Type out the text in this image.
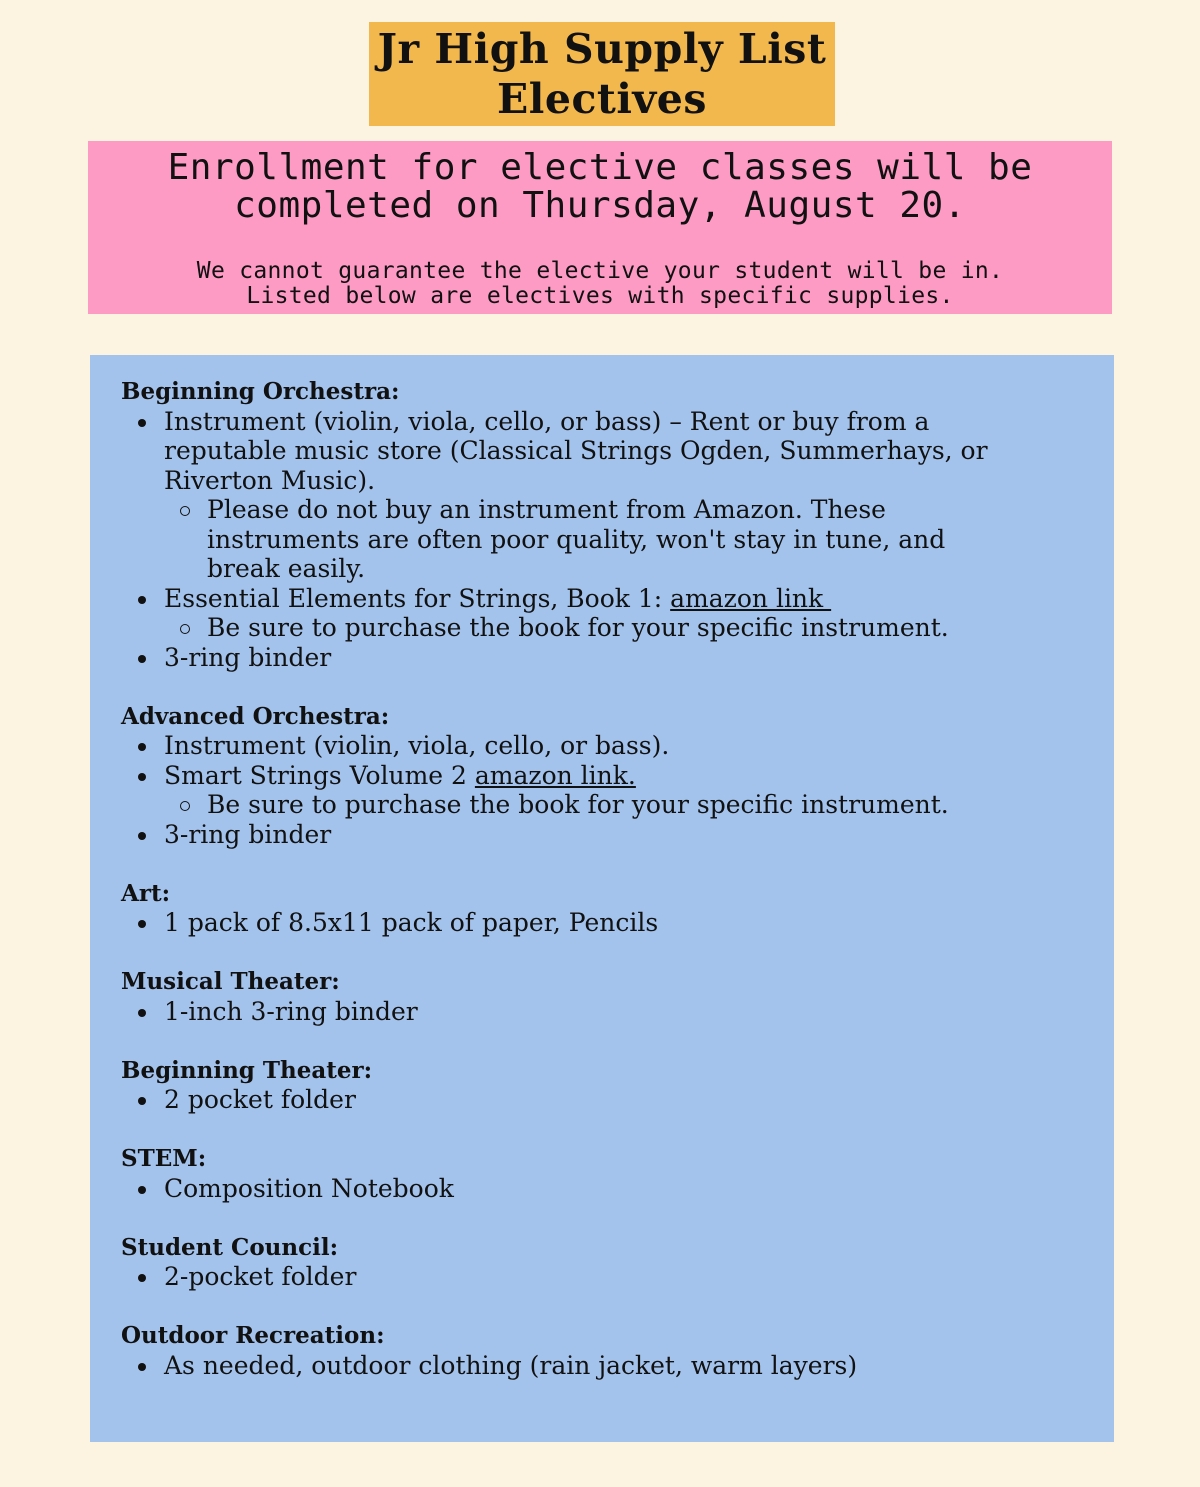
Jr High Supply List
Electives
Enrollment for elective classes will be
completed on Thursday, August 20.
We cannot guarantee the elective your student will be in.
Listed below are electives with specific supplies.
Beginning Orchestra:
Instrument (violin, viola, cello, or bass) – Rent or buy from a
reputable music store (Classical Strings Ogden, Summerhays, or
Riverton Music).
Please do not buy an instrument from Amazon. These
instruments are often poor quality, won't stay in tune, and
break easily.
Essential Elements for Strings, Book 1: amazon link
Be sure to purchase the book for your specific instrument.
3-ring binder
Advanced Orchestra:
Instrument (violin, viola, cello, or bass).
Smart Strings Volume 2 amazon link.
Be sure to purchase the book for your specific instrument.
3-ring binder
Art:
1 pack of 8.5x11 pack of paper, Pencils
Musical Theater:
1-inch 3-ring binder
Beginning Theater:
2 pocket folder
STEM:
Composition Notebook
Student Council:
2-pocket folder
Outdoor Recreation:
As needed, outdoor clothing (rain jacket, warm layers)
